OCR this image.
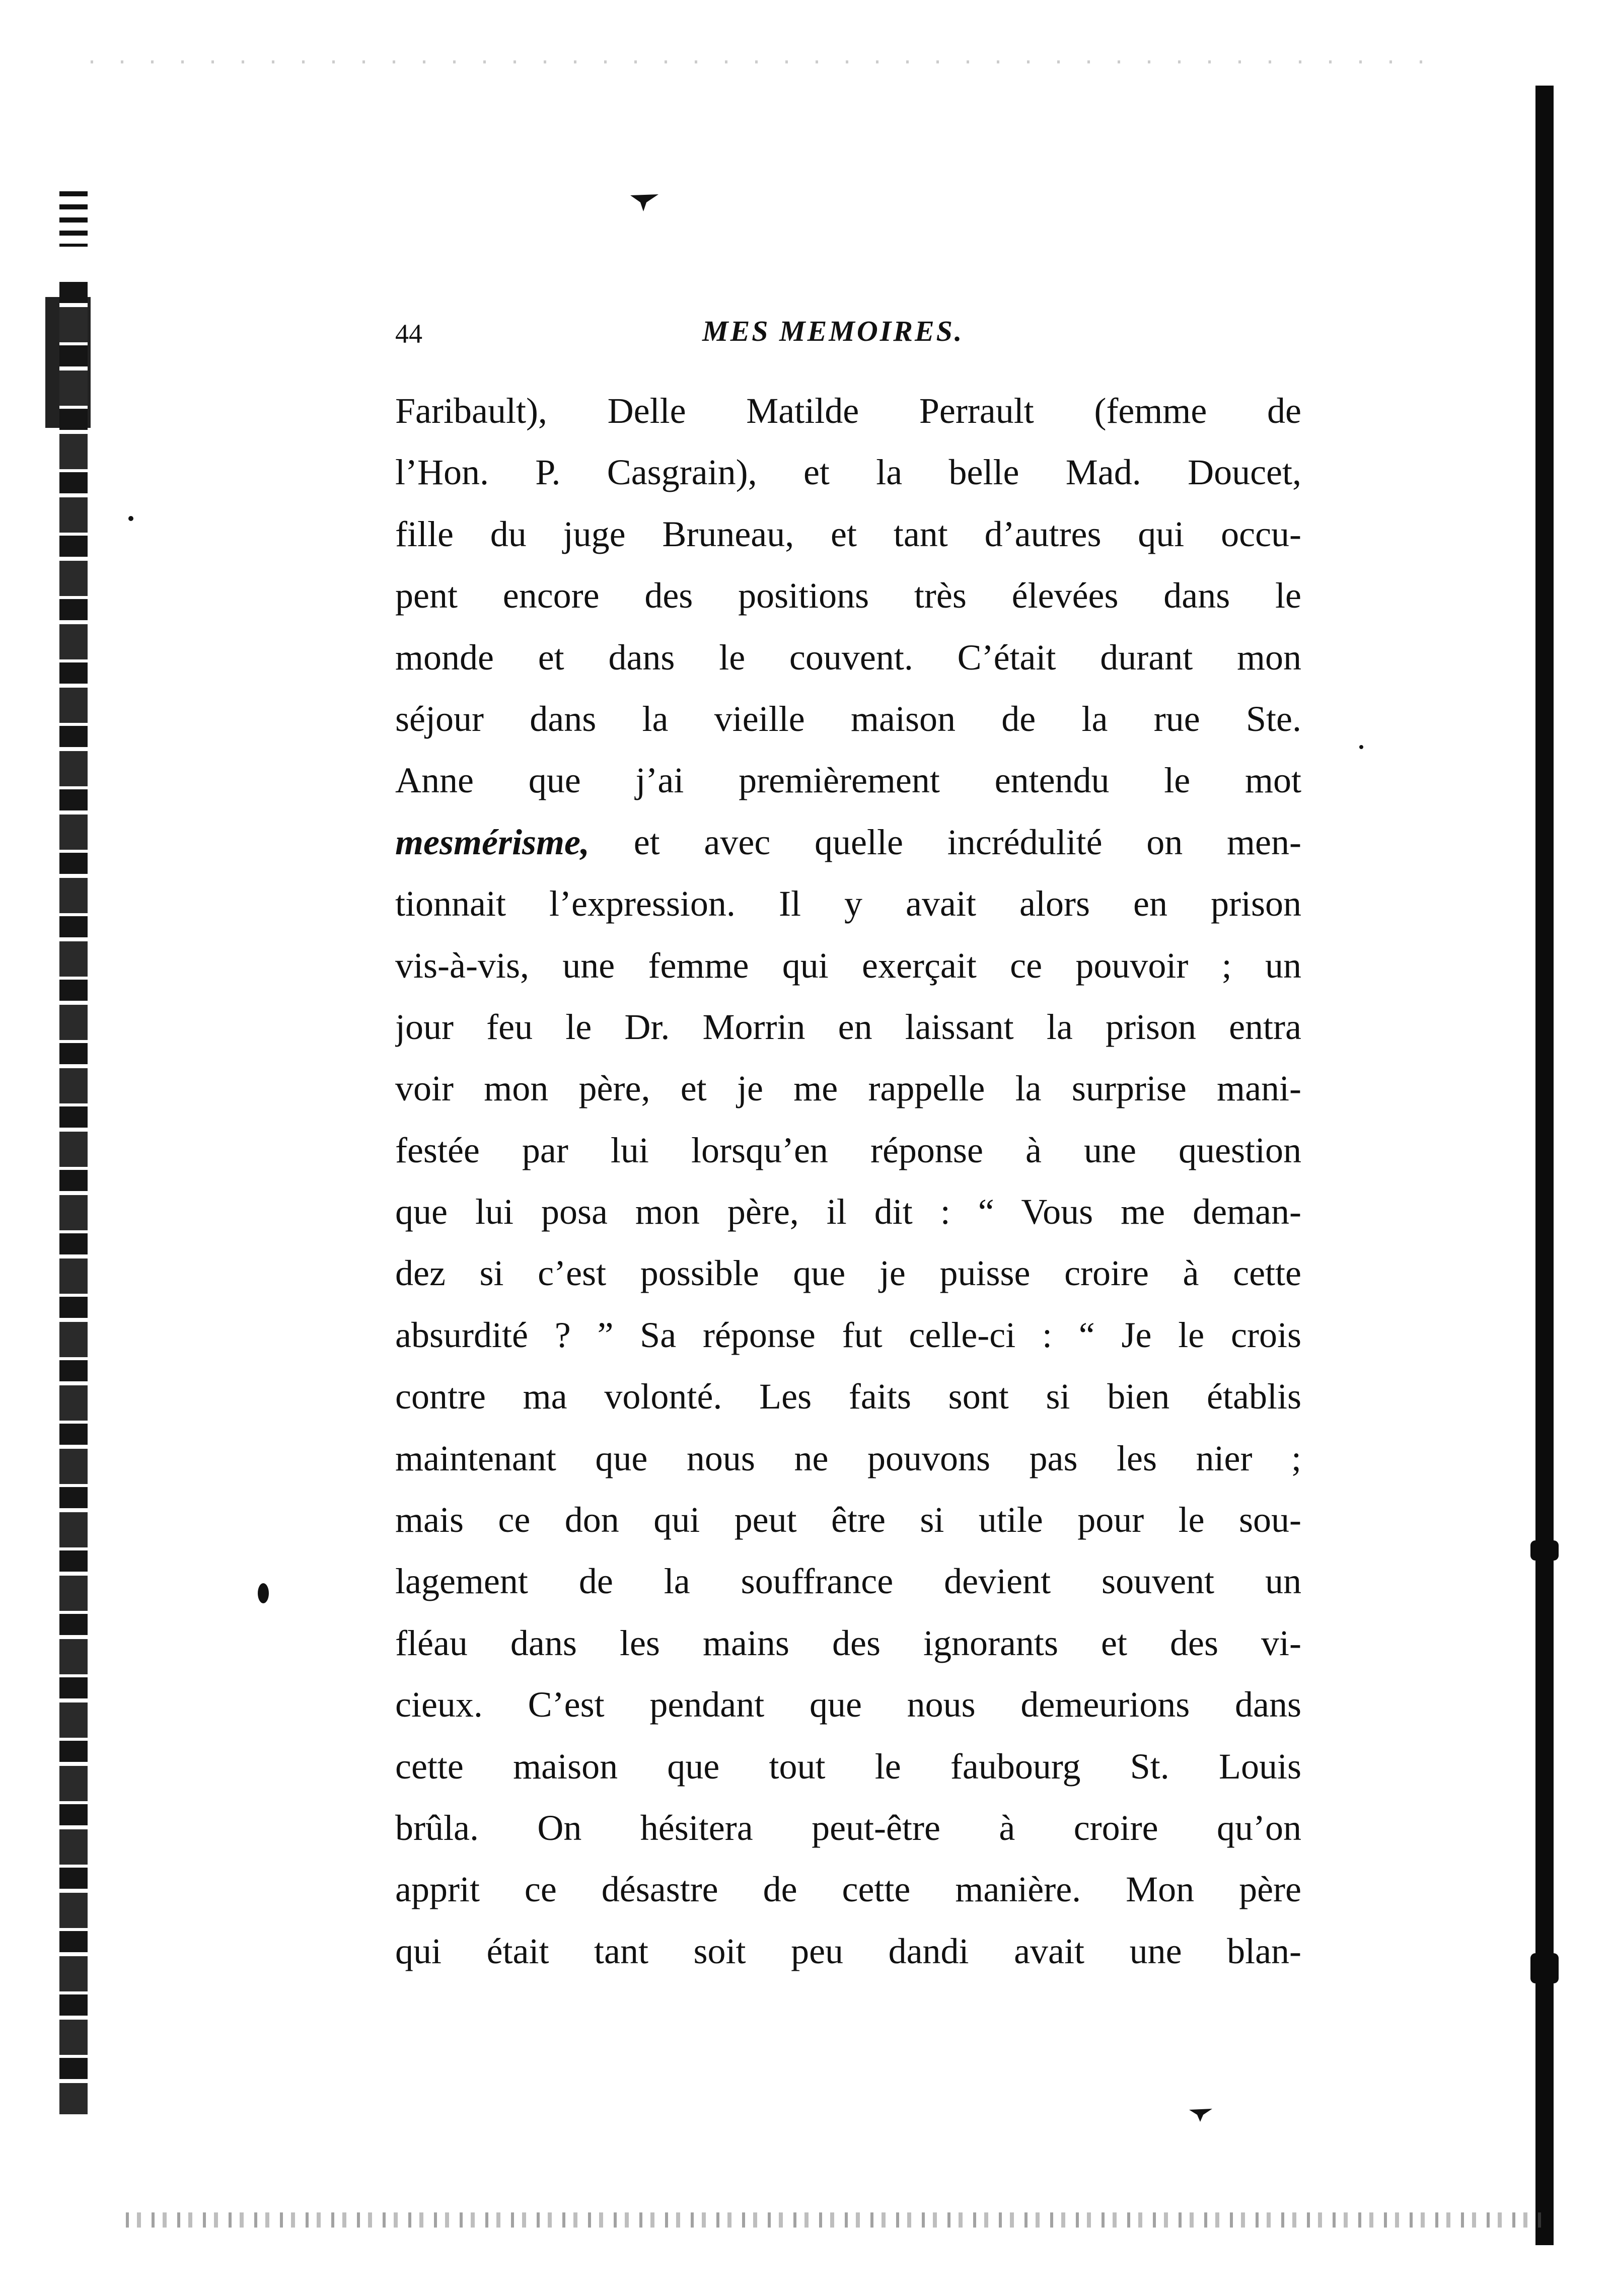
44	MES MEMOIRES.
Faribault), Delle Matilde Perrault (femme de
l’Hon. P. Casgrain), et la belle Mad. Doucet,
fille du juge Bruneau, et tant d’autres qui occu-
pent encore des positions très élevées dans le
monde et dans le couvent. C’était durant mon
séjour dans la vieille maison de la rue Ste.
Anne que j’ai premièrement entendu le mot
mesmérisme, et avec quelle incrédulité on men-
tionnait l’expression. Il y avait alors en prison
vis-à-vis, une femme qui exerçait ce pouvoir ; un
jour feu le Dr. Morrin en laissant la prison entra
voir mon père, et je me rappelle la surprise mani-
festée par lui lorsqu’en réponse à une question
que lui posa mon père, il dit : “ Vous me deman-
dez si c’est possible que je puisse croire à cette
absurdité ? ” Sa réponse fut celle-ci : “ Je le crois
contre ma volonté. Les faits sont si bien établis
maintenant que nous ne pouvons pas les nier ;
mais ce don qui peut être si utile pour le sou-
lagement de la souffrance devient souvent un
fléau dans les mains des ignorants et des vi-
cieux. C’est pendant que nous demeurions dans
cette maison que tout le faubourg St. Louis
brûla. On hésitera peut-être à croire qu’on
apprit ce désastre de cette manière. Mon père
qui était tant soit peu dandi avait une blan-
